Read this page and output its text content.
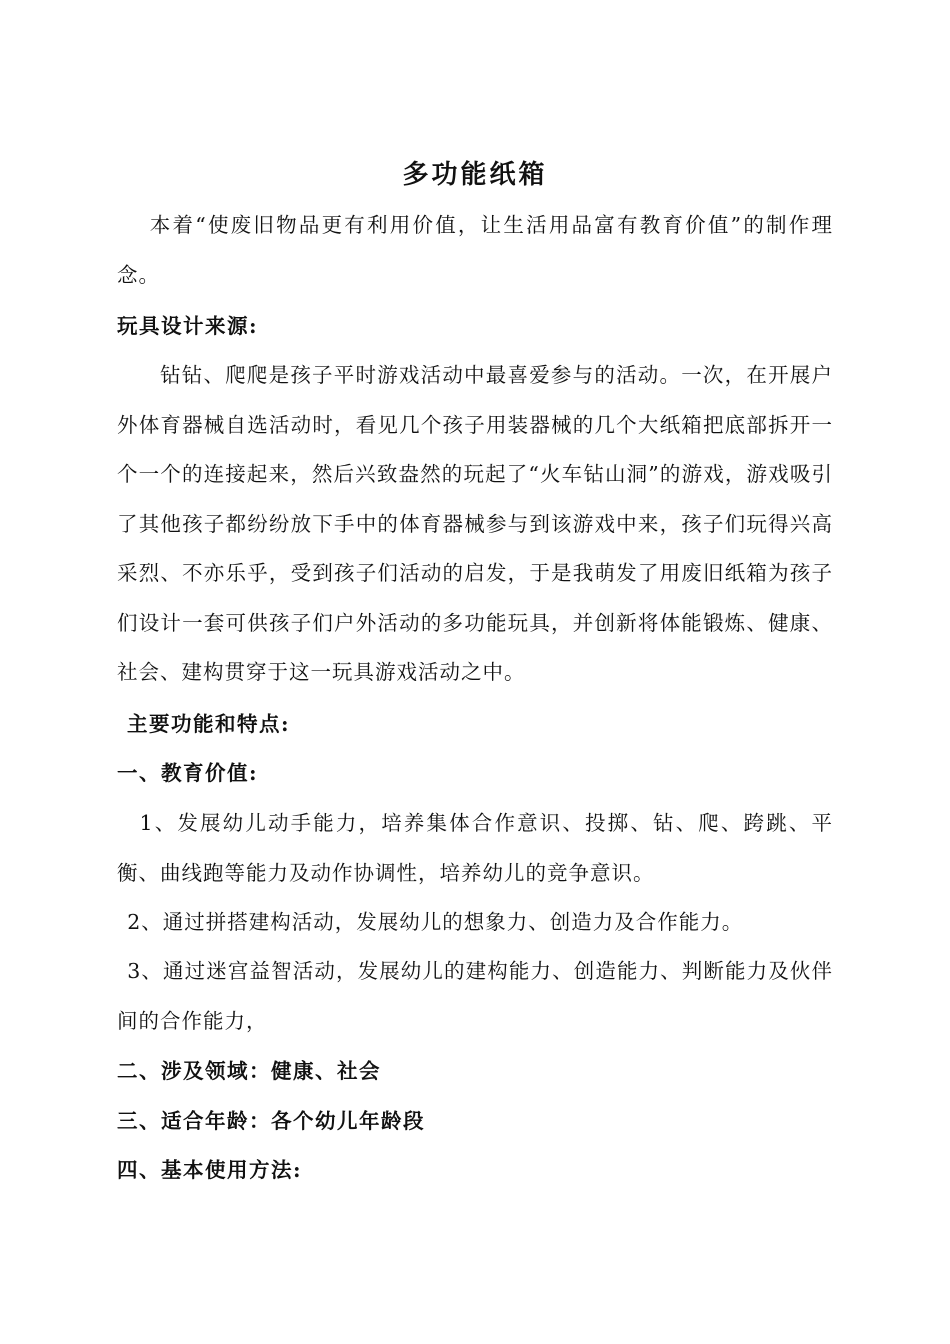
多功能纸箱
本着“使废旧物品更有利用价值，让生活用品富有教育价值”的制作理念。
玩具设计来源:
钻钻、爬爬是孩子平时游戏活动中最喜爱参与的活动。一次，在开展户外体育器械自选活动时，看见几个孩子用装器械的几个大纸箱把底部拆开一个一个的连接起来，然后兴致盎然的玩起了“火车钻山洞”的游戏，游戏吸引了其他孩子都纷纷放下手中的体育器械参与到该游戏中来，孩子们玩得兴高采烈、不亦乐乎，受到孩子们活动的启发，于是我萌发了用废旧纸箱为孩子们设计一套可供孩子们户外活动的多功能玩具，并创新将体能锻炼、健康、社会、建构贯穿于这一玩具游戏活动之中。
主要功能和特点:
一、教育价值:
1、发展幼儿动手能力，培养集体合作意识、投掷、钻、爬、跨跳、平衡、曲线跑等能力及动作协调性，培养幼儿的竞争意识。
2、通过拼搭建构活动，发展幼儿的想象力、创造力及合作能力。
3、通过迷宫益智活动，发展幼儿的建构能力、创造能力、判断能力及伙伴间的合作能力，
二、涉及领域：健康、社会
三、适合年龄：各个幼儿年龄段
四、基本使用方法:
